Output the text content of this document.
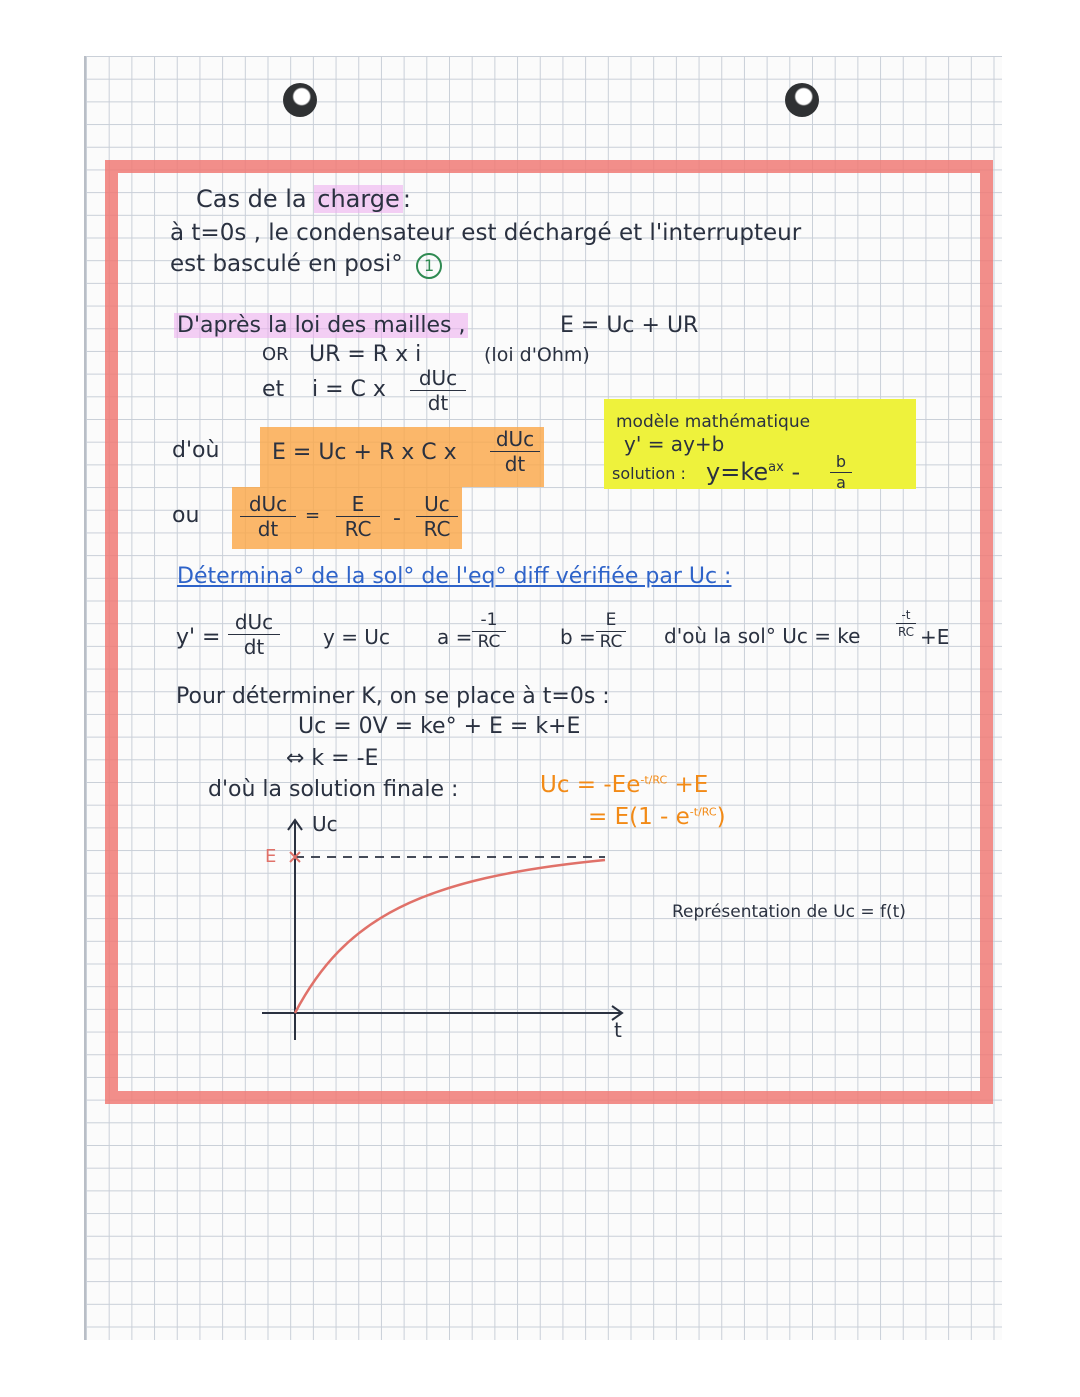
Cas de la charge :
à t=0s , le condensateur est déchargé et l'interrupteur
est basculé en posi° 1
D'après la loi des mailles ,	E = Uc + UR
OR UR = R x i	(loi d'Ohm)
et i = C x	dUc
dt
d'où E = Uc + R x C x
dUc
dt
ou	dUc
dt
=	E
RC -
Uc
RC
modèle mathématique
y' = ay+b
solution : $y=ke^{ax}$ -	b
a
Détermina° de la sol° de l'eq° diff vérifiée par Uc :
y' =
dUc
dt	y = Uc a =
-1
RC	b =
E
RC d'où la sol° Uc = ke
-t
RC +E
Pour déterminer K, on se place à t=0s :
Uc = 0V = ke° + E = k+E
⇔ k = -E
d'où la solution finale :	$Uc = -Ee^{-t/RC} +E$
= $E(1 - e^{-t/RC})$
Uc
E
t
Représentation de Uc = f(t)
